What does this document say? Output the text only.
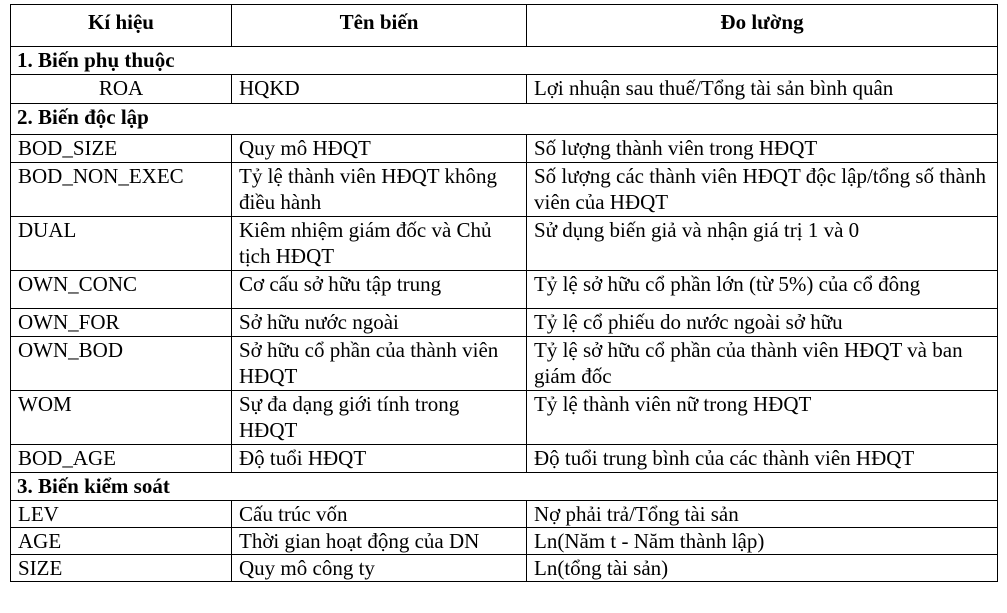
Kí hiệu	Tên biến	Đo lường
1. Biến phụ thuộc		
ROA	HQKD	Lợi nhuận sau thuế/Tổng tài sản bình quân
2. Biến độc lập		
BOD_SIZE	Quy mô HĐQT	Số lượng thành viên trong HĐQT
BOD_NON_EXEC	Tỷ lệ thành viên HĐQT không điều hành	Số lượng các thành viên HĐQT độc lập/tổng số thành viên của HĐQT
DUAL	Kiêm nhiệm giám đốc và Chủ tịch HĐQT	Sử dụng biến giả và nhận giá trị 1 và 0
OWN_CONC	Cơ cấu sở hữu tập trung	Tỷ lệ sở hữu cổ phần lớn (từ 5%) của cổ đông
OWN_FOR	Sở hữu nước ngoài	Tỷ lệ cổ phiếu do nước ngoài sở hữu
OWN_BOD	Sở hữu cổ phần của thành viên HĐQT	Tỷ lệ sở hữu cổ phần của thành viên HĐQT và ban giám đốc
WOM	Sự đa dạng giới tính trong HĐQT	Tỷ lệ thành viên nữ trong HĐQT
BOD_AGE	Độ tuổi HĐQT	Độ tuổi trung bình của các thành viên HĐQT
3. Biến kiểm soát		
LEV	Cấu trúc vốn	Nợ phải trả/Tổng tài sản
AGE	Thời gian hoạt động của DN	Ln(Năm t - Năm thành lập)
SIZE	Quy mô công ty	Ln(tổng tài sản)
